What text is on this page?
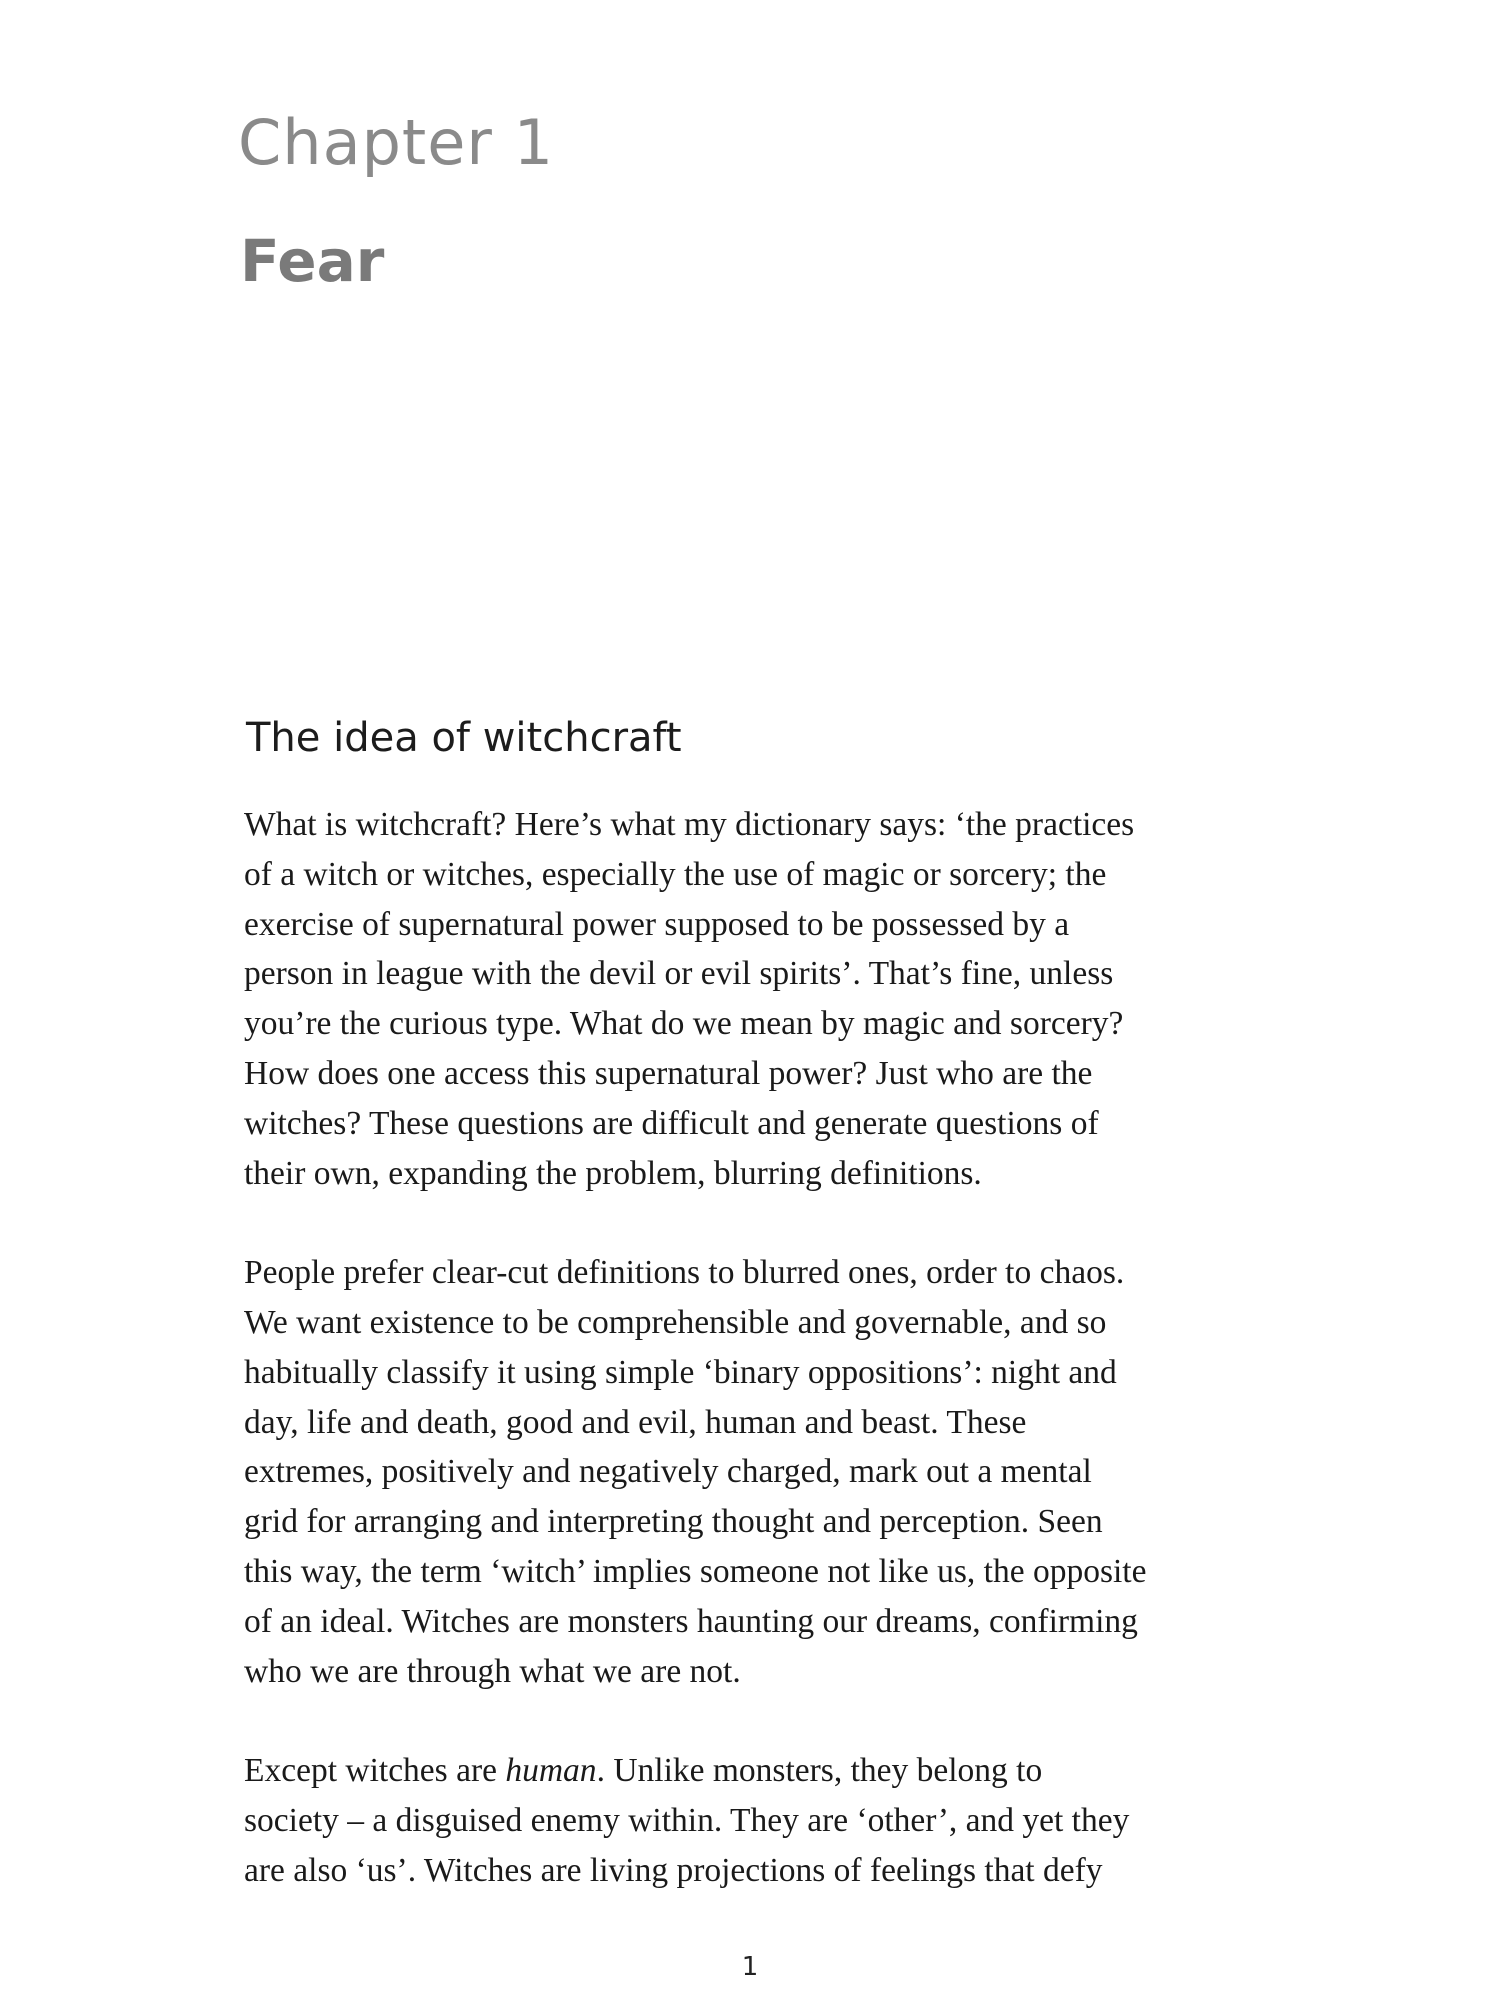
Chapter 1
Fear
The idea of witchcraft

What is witchcraft? Here’s what my dictionary says: ‘the practices
of a witch or witches, especially the use of magic or sorcery; the
exercise of supernatural power supposed to be possessed by a
person in league with the devil or evil spirits’. That’s fine, unless
you’re the curious type. What do we mean by magic and sorcery?
How does one access this supernatural power? Just who are the
witches? These questions are difficult and generate questions of
their own, expanding the problem, blurring definitions.

People prefer clear-cut definitions to blurred ones, order to chaos.
We want existence to be comprehensible and governable, and so
habitually classify it using simple ‘binary oppositions’: night and
day, life and death, good and evil, human and beast. These
extremes, positively and negatively charged, mark out a mental
grid for arranging and interpreting thought and perception. Seen
this way, the term ‘witch’ implies someone not like us, the opposite
of an ideal. Witches are monsters haunting our dreams, confirming
who we are through what we are not.

Except witches are human. Unlike monsters, they belong to
society – a disguised enemy within. They are ‘other’, and yet they
are also ‘us’. Witches are living projections of feelings that defy

1
